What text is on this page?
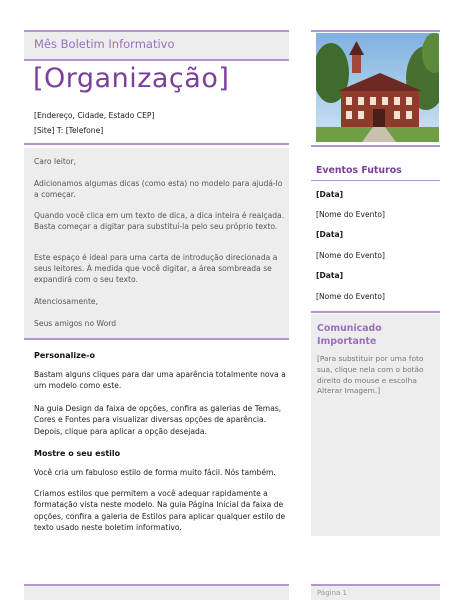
Mês Boletim Informativo
[Organização]
[Endereço, Cidade, Estado CEP]
[Site] T: [Telefone]

Caro leitor,

Adicionamos algumas dicas (como esta) no modelo para ajudá-lo a começar.

Quando você clica em um texto de dica, a dica inteira é realçada. Basta começar a digitar para substituí-la pelo seu próprio texto.

Este espaço é ideal para uma carta de introdução direcionada a seus leitores. À medida que você digitar, a área sombreada se expandirá com o seu texto.

Atenciosamente,

Seus amigos no Word

Personalize-o

Bastam alguns cliques para dar uma aparência totalmente nova a um modelo como este.

Na guia Design da faixa de opções, confira as galerias de Temas, Cores e Fontes para visualizar diversas opções de aparência. Depois, clique para aplicar a opção desejada.

Mostre o seu estilo

Você cria um fabuloso estilo de forma muito fácil. Nós também.

Criamos estilos que permitem a você adequar rapidamente a formatação vista neste modelo. Na guia Página Inicial da faixa de opções, confira a galeria de Estilos para aplicar qualquer estilo de texto usado neste boletim informativo.

Eventos Futuros
[Data]
[Nome do Evento]
[Data]
[Nome do Evento]
[Data]
[Nome do Evento]

Comunicado Importante

[Para substituir por uma foto sua, clique nela com o botão direito do mouse e escolha Alterar Imagem.]

Página 1
